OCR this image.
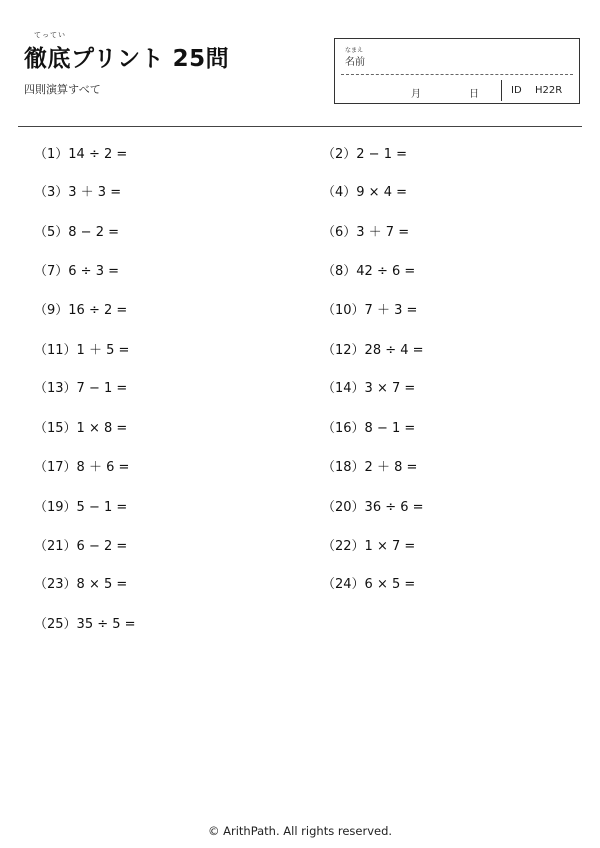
てってい
徹底プリント 25問
四則演算すべて
なまえ
名前
月	日	ID H22R
（1）14 ÷ 2 =	（2）2 − 1 =
（3）3 ＋ 3 =	（4）9 × 4 =
（5）8 − 2 =	（6）3 ＋ 7 =
（7）6 ÷ 3 =	（8）42 ÷ 6 =
（9）16 ÷ 2 =	（10）7 ＋ 3 =
（11）1 ＋ 5 =	（12）28 ÷ 4 =
（13）7 − 1 =	（14）3 × 7 =
（15）1 × 8 =	（16）8 − 1 =
（17）8 ＋ 6 =	（18）2 ＋ 8 =
（19）5 − 1 =	（20）36 ÷ 6 =
（21）6 − 2 =	（22）1 × 7 =
（23）8 × 5 =	（24）6 × 5 =
（25）35 ÷ 5 =
© ArithPath. All rights reserved.
